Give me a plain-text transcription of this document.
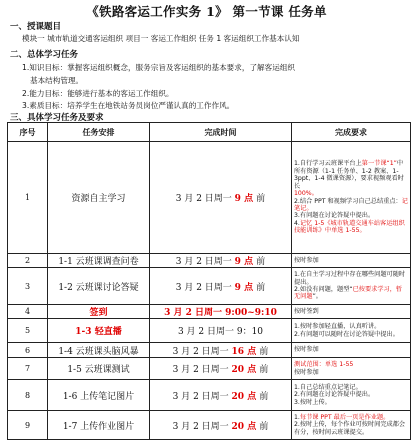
《铁路客运工作实务 1》 第一节课 任务单
一、授课题目
模块一 城市轨道交通客运组织 项目一 客运工作组织 任务 1 客运组织工作基本认知
二、总体学习任务
1.知识目标：掌握客运组织概念，服务宗旨及客运组织的基本要求，了解客运组织
基本结构管理。
2.能力目标：能够进行基本的客运工作组织。
3.素质目标：培养学生在地铁站务员岗位严谨认真的工作作风。
三、具体学习任务及要求
序号	任务安排	完成时间	完成要求
1	资源自主学习	3 月 2 日周一 9 点 前	1.自行学习云班课平台上第一节课“1”中所有资源（1-1 任务单、1-2 教案、1-3ppt、1-4 微课资源），要求视频观看时长
100%。
2.结合 PPT 和视频学习自己总结重点：记笔记。
3.有问题在讨论答疑中提出。
4.记忆 1-5《城市轨道交通车站客运组织技能训练》中单选 1-55。
2	1-1 云班课调查问卷	3 月 2 日周一 9 点 前	按时参加
3	1-2 云班课讨论答疑	3 月 2 日周一 9 点 前	1.在自主学习过程中存在哪些问题可随时提出。
2.如没有问题，题型“已按要求学习，暂无问题”。
4	签到	3 月 2 日周一 9:00~9:10	按时签到
5	1-3 轻直播	3 月 2 日周一 9：10	1.按时参加轻直播，认真听讲。
2.有问题可以随时在讨论答疑中提出。
6	1-4 云班课头脑风暴	3 月 2 日周一 16 点 前	按时参加
7	1-5 云班课测试	3 月 2 日周一 20 点 前	测试范围：单选 1-55
按时参加
8	1-6 上传笔记图片	3 月 2 日周一 20 点 前	1.自己总结重点记笔记。
2.有问题在讨论答疑中提出。
3.按时上传。
9	1-7 上传作业图片	3 月 2 日周一 20 点 前	1.每节课 PPT 最后一页是作业题。
2.按时上传，每个作业可按时间完成都会有分，按时间云班课提交。
